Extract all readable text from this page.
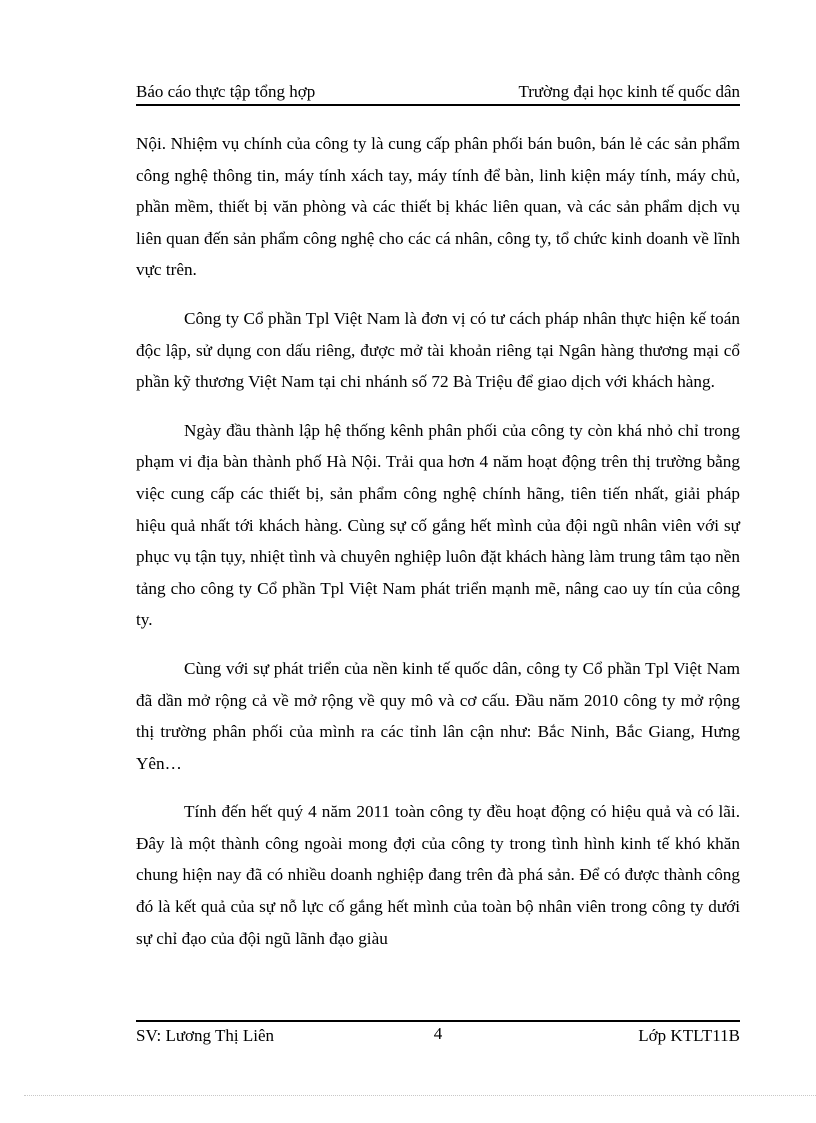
Báo cáo thực tập tổng hợp	Trường đại học kinh tế quốc dân

Nội. Nhiệm vụ chính của công ty là cung cấp phân phối bán buôn, bán lẻ các sản phẩm công nghệ thông tin, máy tính xách tay, máy tính để bàn, linh kiện máy tính, máy chủ, phần mềm, thiết bị văn phòng và các thiết bị khác liên quan, và các sản phẩm dịch vụ liên quan đến sản phẩm công nghệ cho các cá nhân, công ty, tổ chức kinh doanh về lĩnh vực trên.

Công ty Cổ phần Tpl Việt Nam là đơn vị có tư cách pháp nhân thực hiện kế toán độc lập, sử dụng con dấu riêng, được mở tài khoản riêng tại Ngân hàng thương mại cổ phần kỹ thương Việt Nam tại chi nhánh số 72 Bà Triệu để giao dịch với khách hàng.

Ngày đầu thành lập hệ thống kênh phân phối của công ty còn khá nhỏ chỉ trong phạm vi địa bàn thành phố Hà Nội. Trải qua hơn 4 năm hoạt động trên thị trường bằng việc cung cấp các thiết bị, sản phẩm công nghệ chính hãng, tiên tiến nhất, giải pháp hiệu quả nhất tới khách hàng. Cùng sự cố gắng hết mình của đội ngũ nhân viên với sự phục vụ tận tụy, nhiệt tình và chuyên nghiệp luôn đặt khách hàng làm trung tâm tạo nền tảng cho công ty Cổ phần Tpl Việt Nam phát triển mạnh mẽ, nâng cao uy tín của công ty.

Cùng với sự phát triển của nền kinh tế quốc dân, công ty Cổ phần Tpl Việt Nam đã dần mở rộng cả về mở rộng về quy mô và cơ cấu. Đầu năm 2010 công ty mở rộng thị trường phân phối của mình ra các tỉnh lân cận như: Bắc Ninh, Bắc Giang, Hưng Yên…

Tính đến hết quý 4 năm 2011 toàn công ty đều hoạt động có hiệu quả và có lãi. Đây là một thành công ngoài mong đợi của công ty trong tình hình kinh tế khó khăn chung hiện nay đã có nhiều doanh nghiệp đang trên đà phá sản. Để có được thành công đó là kết quả của sự nỗ lực cố gắng hết mình của toàn bộ nhân viên trong công ty dưới sự chỉ đạo của đội ngũ lãnh đạo giàu

SV: Lương Thị Liên	4	Lớp KTLT11B
